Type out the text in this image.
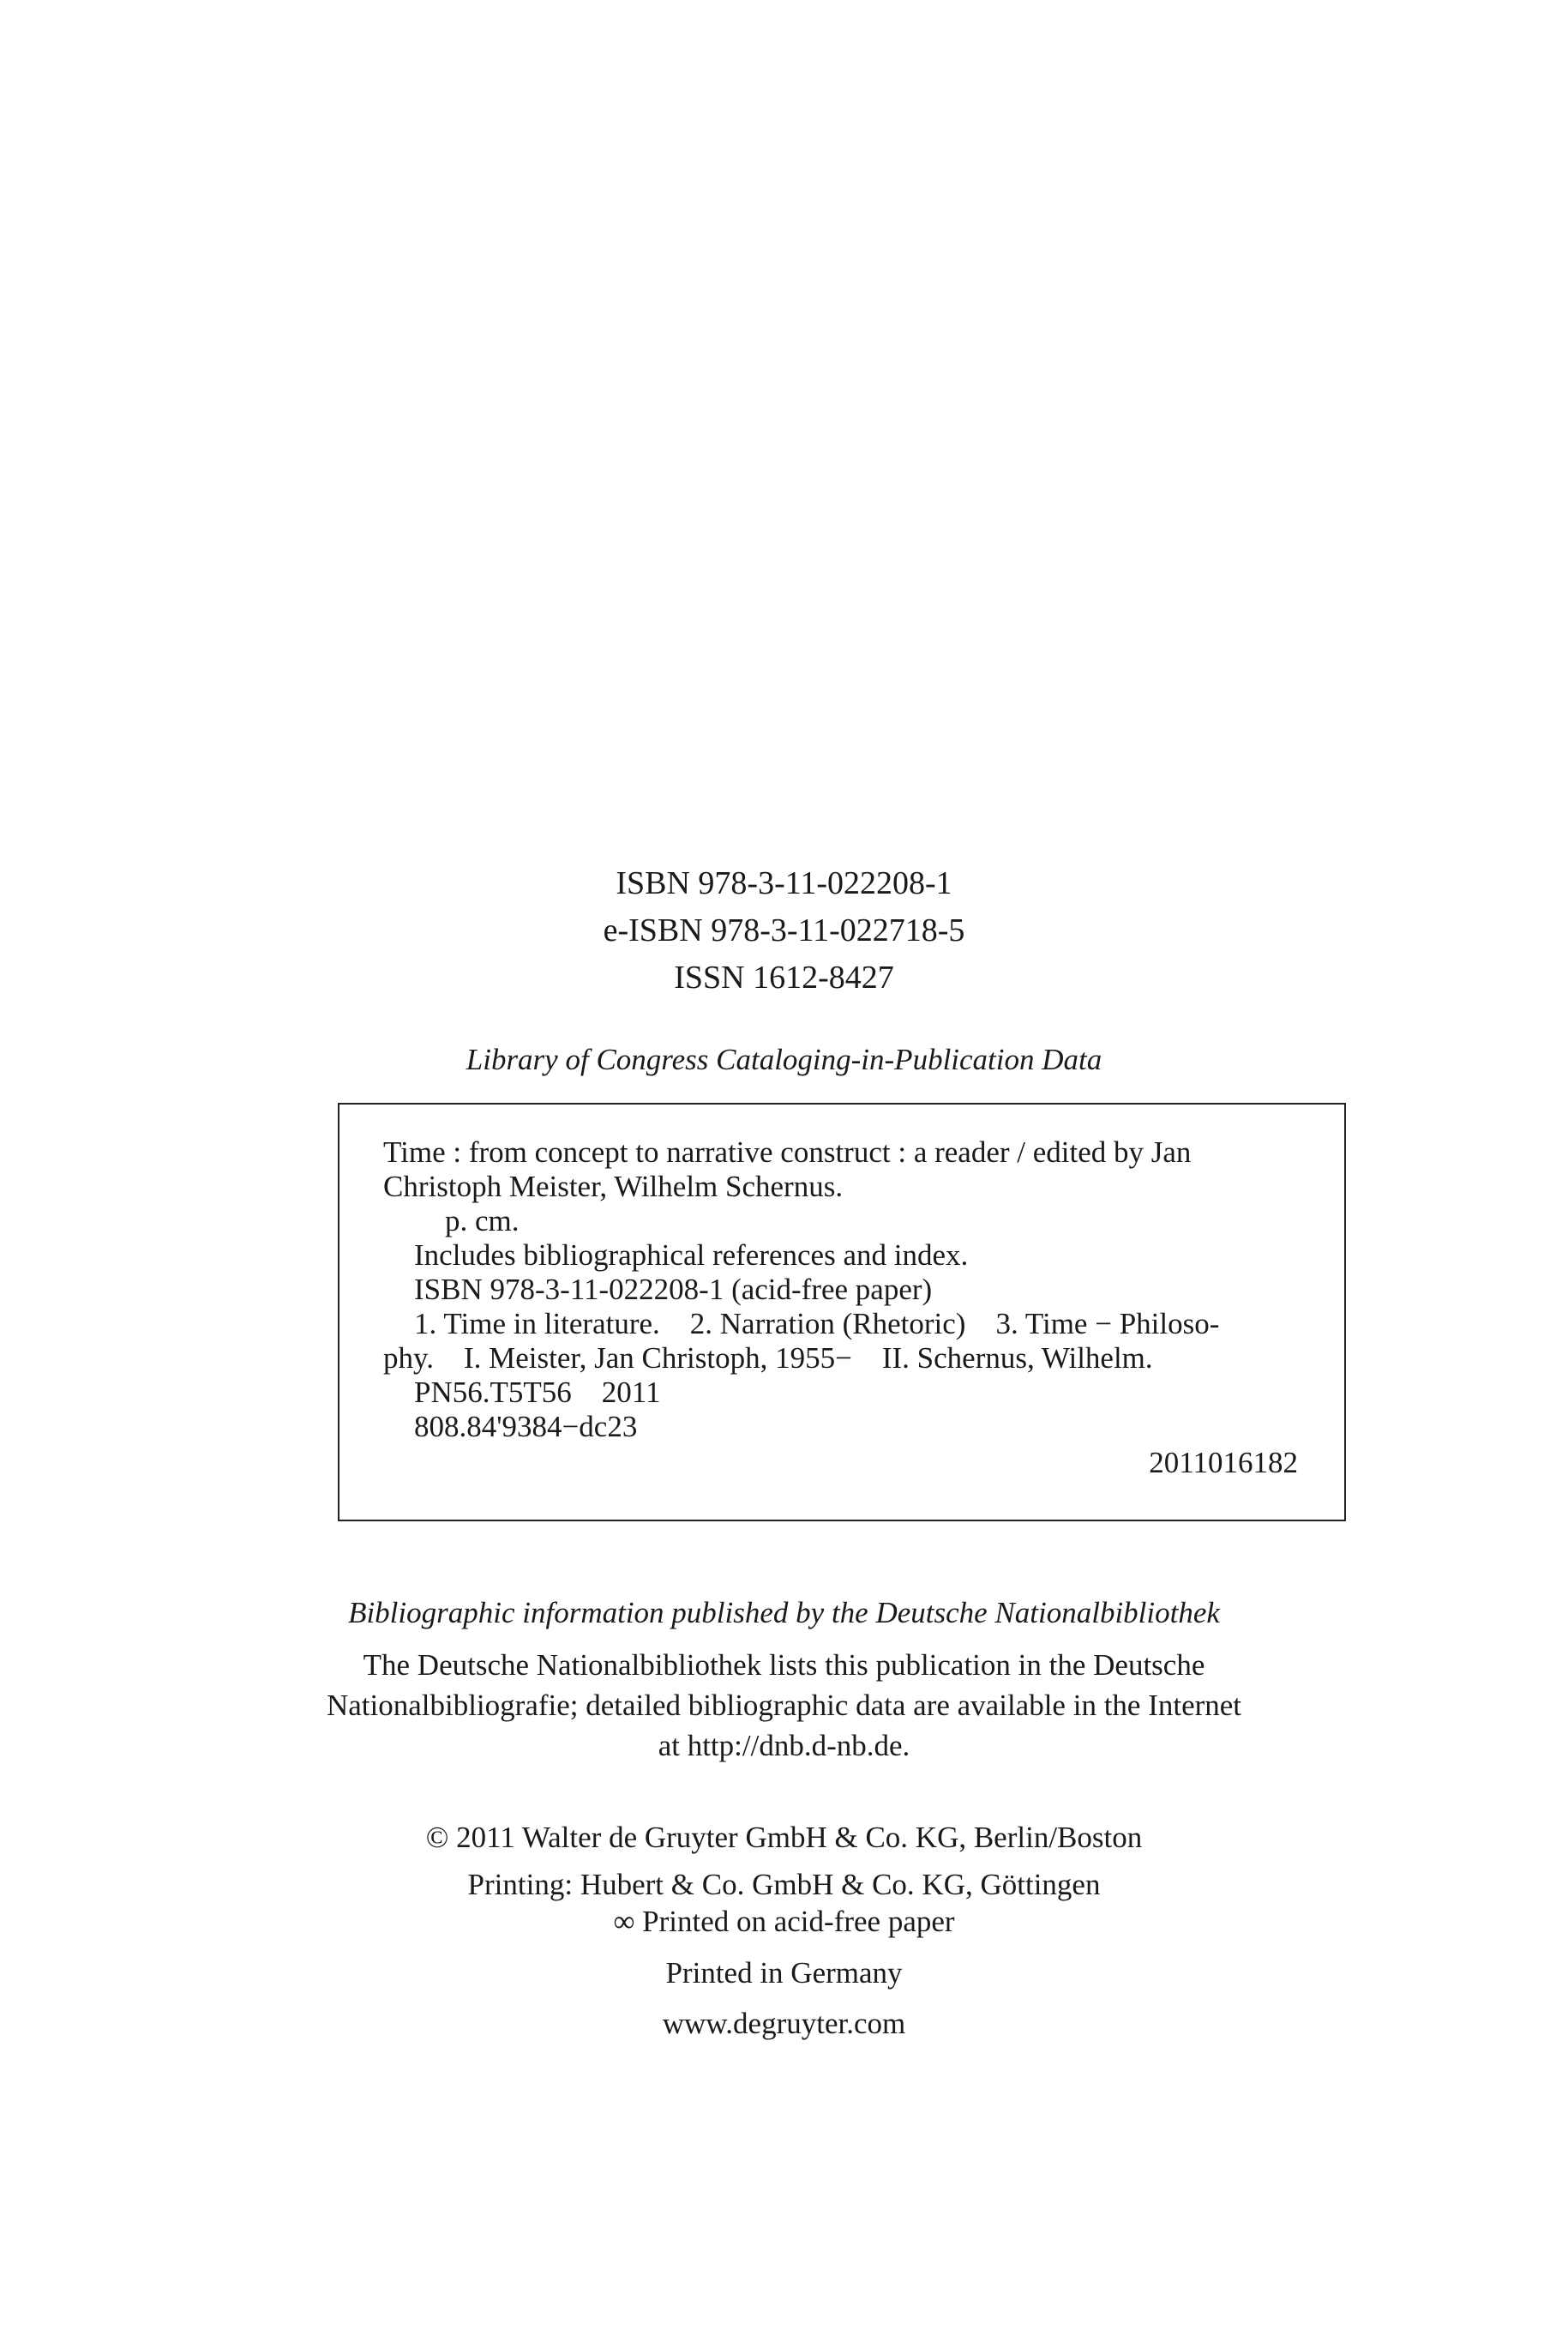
ISBN 978-3-11-022208-1
e-ISBN 978-3-11-022718-5
ISSN 1612-8427
Library of Congress Cataloging-in-Publication Data
Time : from concept to narrative construct : a reader / edited by Jan
Christoph Meister, Wilhelm Schernus.
p. cm.
Includes bibliographical references and index.
ISBN 978-3-11-022208-1 (acid-free paper)
1. Time in literature.    2. Narration (Rhetoric)    3. Time − Philoso-
phy.    I. Meister, Jan Christoph, 1955−    II. Schernus, Wilhelm.
PN56.T5T56    2011
808.84'9384−dc23
2011016182
Bibliographic information published by the Deutsche Nationalbibliothek
The Deutsche Nationalbibliothek lists this publication in the Deutsche
Nationalbibliografie; detailed bibliographic data are available in the Internet
at http://dnb.d-nb.de.
© 2011 Walter de Gruyter GmbH & Co. KG, Berlin/Boston
Printing: Hubert & Co. GmbH & Co. KG, Göttingen
∞ Printed on acid-free paper
Printed in Germany
www.degruyter.com
